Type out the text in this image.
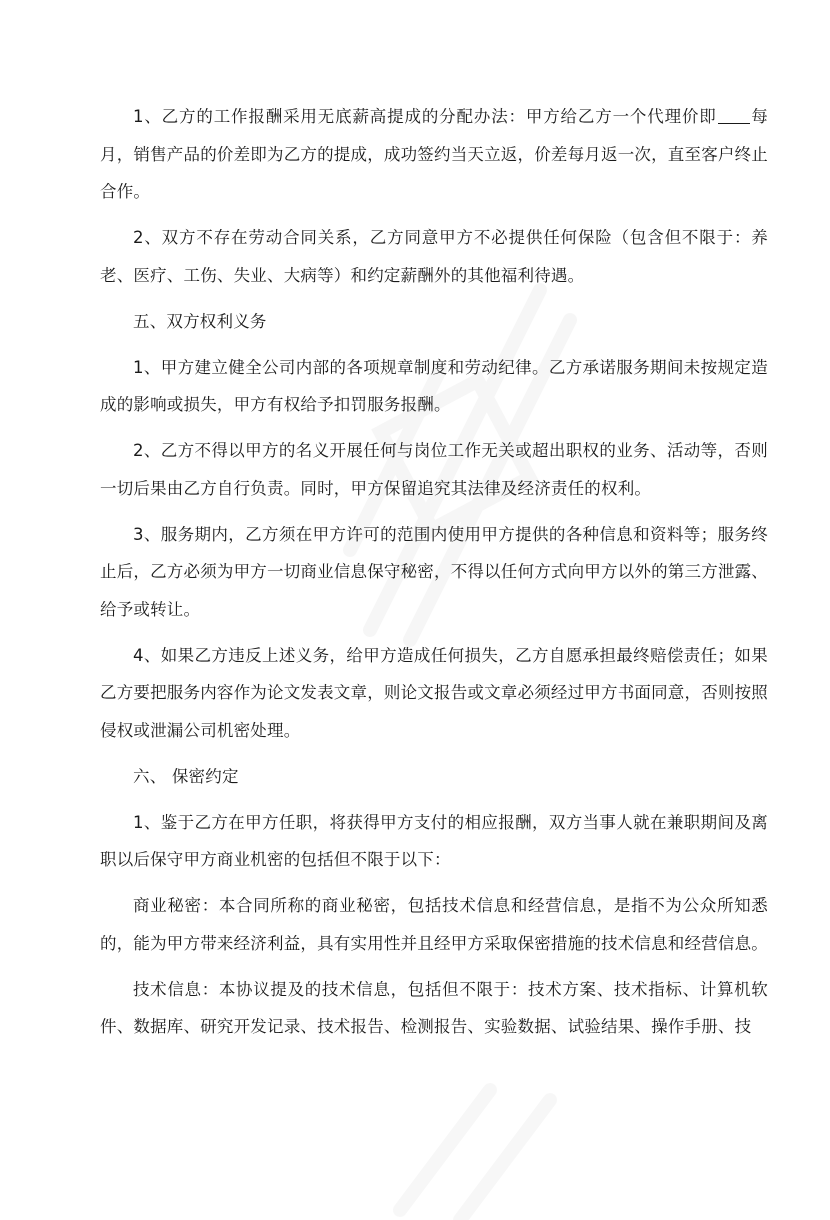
1、乙方的工作报酬采用无底薪高提成的分配办法：甲方给乙方一个代理价即 每月，销售产品的价差即为乙方的提成，成功签约当天立返，价差每月返一次，直至客户终止合作。

2、双方不存在劳动合同关系，乙方同意甲方不必提供任何保险（包含但不限于：养老、医疗、工伤、失业、大病等）和约定薪酬外的其他福利待遇。

五、双方权利义务

1、甲方建立健全公司内部的各项规章制度和劳动纪律。乙方承诺服务期间未按规定造成的影响或损失，甲方有权给予扣罚服务报酬。

2、乙方不得以甲方的名义开展任何与岗位工作无关或超出职权的业务、活动等，否则一切后果由乙方自行负责。同时，甲方保留追究其法律及经济责任的权利。

3、服务期内，乙方须在甲方许可的范围内使用甲方提供的各种信息和资料等；服务终止后，乙方必须为甲方一切商业信息保守秘密，不得以任何方式向甲方以外的第三方泄露、给予或转让。

4、如果乙方违反上述义务，给甲方造成任何损失，乙方自愿承担最终赔偿责任；如果乙方要把服务内容作为论文发表文章，则论文报告或文章必须经过甲方书面同意，否则按照侵权或泄漏公司机密处理。

六、 保密约定

1、鉴于乙方在甲方任职，将获得甲方支付的相应报酬，双方当事人就在兼职期间及离职以后保守甲方商业机密的包括但不限于以下：

商业秘密：本合同所称的商业秘密，包括技术信息和经营信息，是指不为公众所知悉的，能为甲方带来经济利益，具有实用性并且经甲方采取保密措施的技术信息和经营信息。

技术信息：本协议提及的技术信息，包括但不限于：技术方案、技术指标、计算机软件、数据库、研究开发记录、技术报告、检测报告、实验数据、试验结果、操作手册、技
